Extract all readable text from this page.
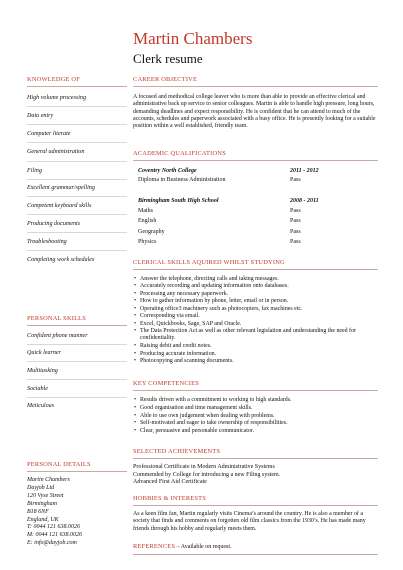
Martin Chambers
Clerk resume
KNOWLEDGE OF
High volume processing
Data entry
Computer literate
General administration
Filing
Excellent grammar/spelling
Competent keyboard skills
Producing documents
Troubleshooting
Completing work schedules
PERSONAL SKILLS
Confident phone manner
Quick learner
Multitasking
Sociable
Meticulous
PERSONAL DETAILS
Martin Chambers
Dayjob Ltd
120 Vyse Street
Birmingham
B18 6NF
England, UK
T: 0044 121 638.0026
M: 0044 121 638.0026
E: info@dayjob.com
CAREER OBJECTIVE
A focused and methodical college leaver who is more than able to provide an effective clerical and administrative back up service to senior colleagues. Martin is able to handle high pressure, long hours, demanding deadlines and expect responsibility. He is confident that he can attend to much of the accounts, schedules and paperwork associated with a busy office. He is presently looking for a suitable position within a well established, friendly team.
ACADEMIC QUALIFICATIONS
Coventry North College	2011 - 2012
Diploma in Business Administration	Pass
Birmingham South High School	2008 - 2011
Maths	Pass
English	Pass
Geography	Pass
Physics	Pass
CLERICAL SKILLS AQUIRED WHILST STUDYING
• Answer the telephone, directing calls and taking messages.
• Accurately recording and updating information onto databases.
• Processing any necessary paperwork.
• How to gather information by phone, letter, email or in person.
• Operating office3 machinery such as photocopiers, fax machines etc.
• Corresponding via email.
• Excel, Quickbooks, Sage, SAP and Oracle.
• The Data Protection Act as well as other relevant legislation and understanding the need for confidentiality.
• Raising debit and credit notes.
• Producing accurate information.
• Photocopying and scanning documents.
KEY COMPETENCIES
• Results driven with a commitment to working to high standards.
• Good organisation and time management skills.
• Able to use own judgement when dealing with problems.
• Self-motivated and eager to take ownership of responsibilities.
• Clear, persuasive and personable communicator.
SELECTED ACHIEVEMENTS
Professional Certificate in Modern Administrative Systems
Commended by College for introducing a new Filing system.
Advanced First Aid Certificate
HOBBIES & INTERESTS
As a keen film fan, Martin regularly visits Cinema’s around the country. He is also a member of a society that finds and comments on forgotten old film classics from the 1930’s. He has made many friends through his hobby and regularly meets them.
REFERENCES – Available on request.
